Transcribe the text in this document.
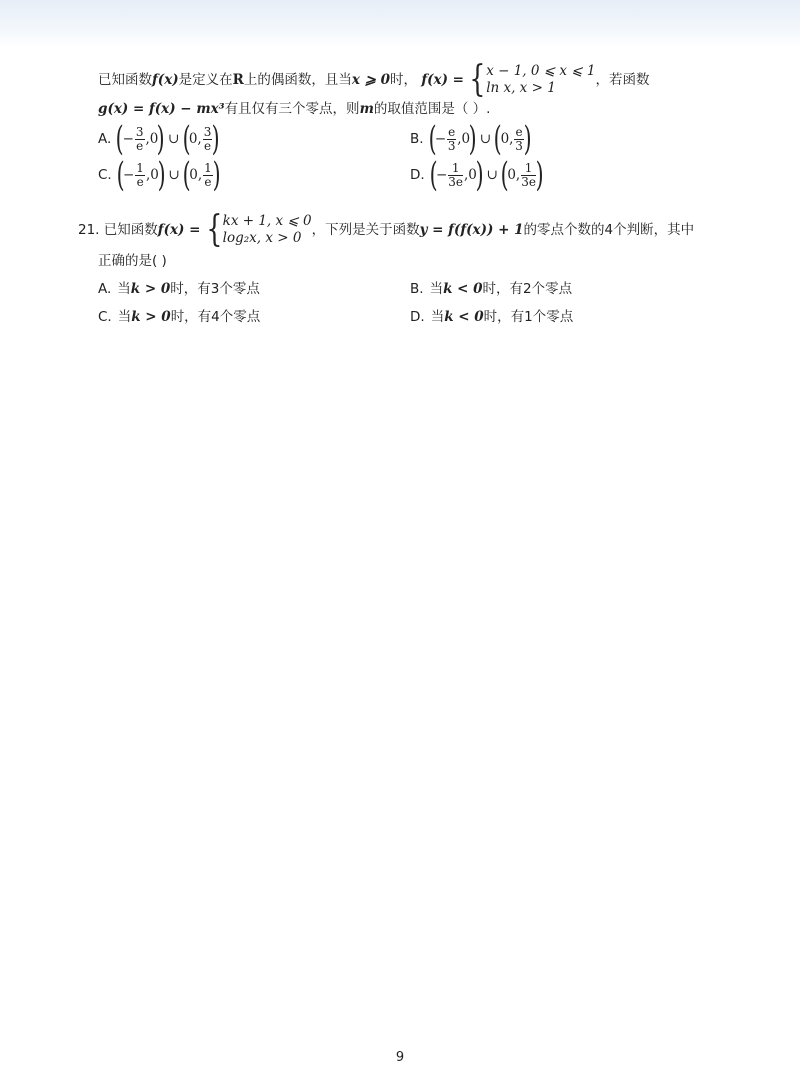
已知函数f(x)是定义在R上的偶函数，且当x ⩾ 0时， f(x) = {x − 1, 0 ⩽ x ⩽ 1
ln x, x > 1	，若函数
g(x) = f(x) − mx³有且仅有三个零点，则m的取值范围是（ ）.
A. (− $\frac{3}{e} ,0$) ∪ (0, $\frac{3}{e}$ )	B. (− $\frac{e}{3} ,0$) ∪ (0, $\frac{e}{3}$ )
C. (− $\frac{1}{e} ,0$) ∪ (0, $\frac{1}{e}$ )	D. (− $\frac{1}{3e} ,0$) ∪ (0, $\frac{1}{3e}$ )
21. 已知函数f(x) = {kx + 1, x ⩽ 0
log₂x, x > 0 ，下列是关于函数y = f(f(x)) + 1的零点个数的4个判断，其中
正确的是( )
A. 当k > 0时，有3个零点	B. 当k < 0时，有2个零点
C. 当k > 0时，有4个零点	D. 当k < 0时，有1个零点
9
